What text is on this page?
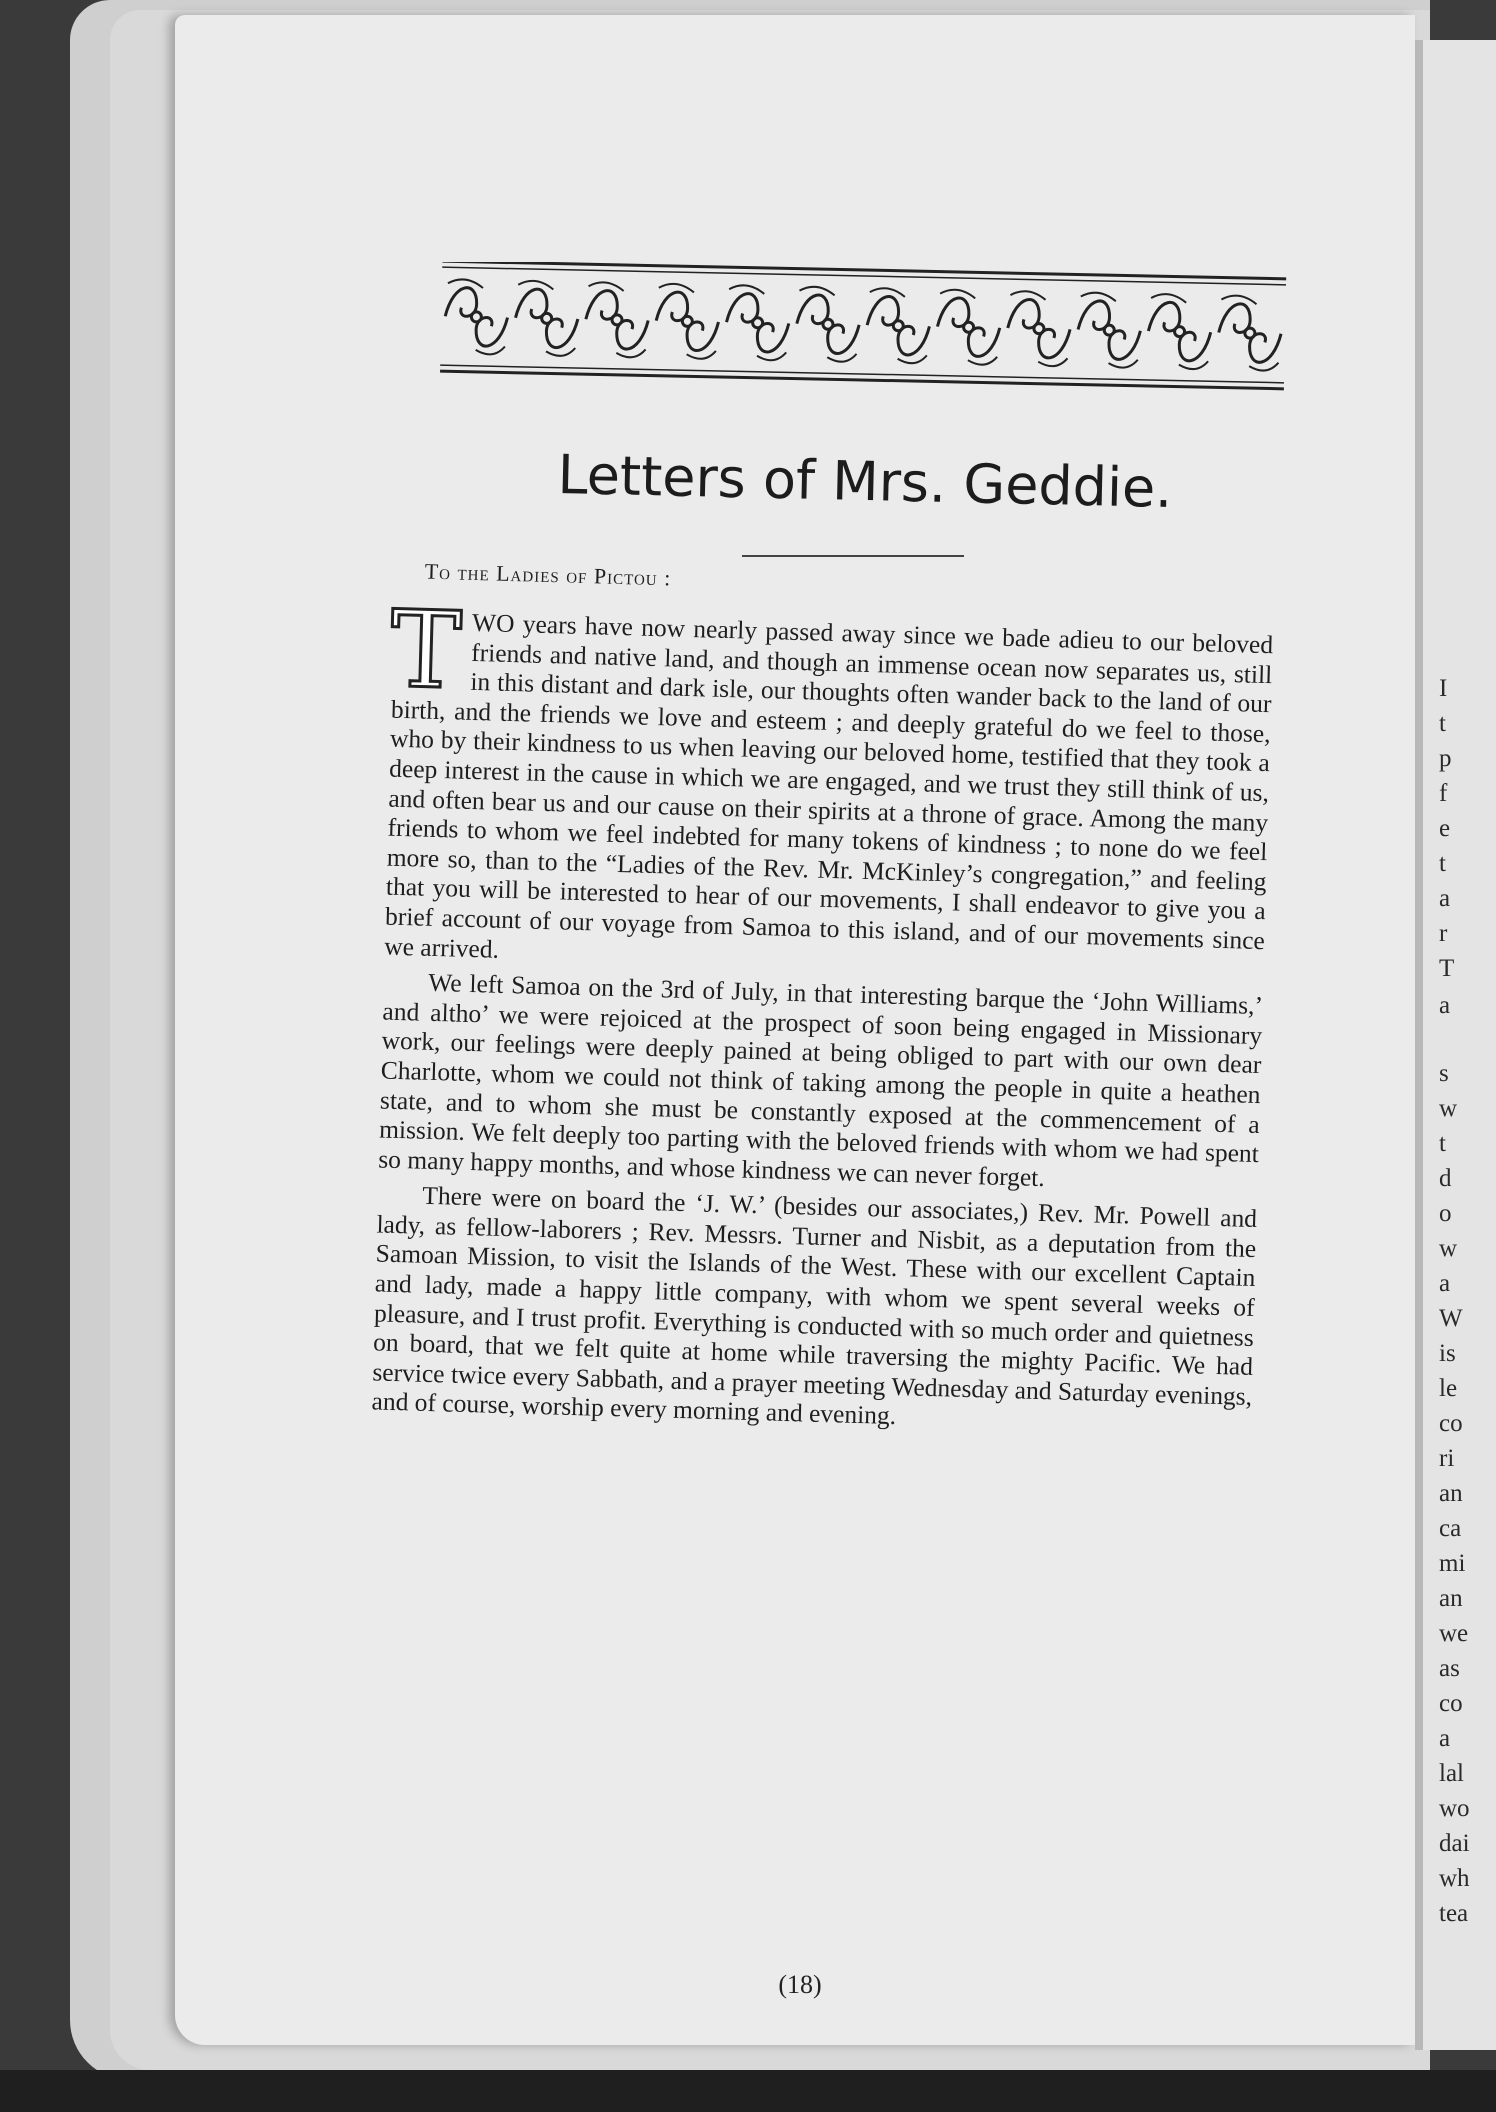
I
t
p
f
e
t
a
r
T
a
s
w
t
d
o
w
a
W
is
le
co
ri
an
ca
mi
an
we
as
co
a
lal
wo
dai
wh
tea
Letters of Mrs. Geddie.
To the Ladies of Pictou :

TWO years have now nearly passed away since we bade adieu to our beloved friends and native land, and though an immense ocean now separates us, still in this distant and dark isle, our thoughts often wander back to the land of our birth, and the friends we love and esteem ; and deeply grateful do we feel to those, who by their kindness to us when leaving our beloved home, testified that they took a deep interest in the cause in which we are engaged, and we trust they still think of us, and often bear us and our cause on their spirits at a throne of grace. Among the many friends to whom we feel indebted for many tokens of kindness ; to none do we feel more so, than to the “Ladies of the Rev. Mr. McKinley’s congregation,” and feeling that you will be interested to hear of our movements, I shall endeavor to give you a brief account of our voyage from Samoa to this island, and of our movements since we arrived.

We left Samoa on the 3rd of July, in that interesting barque the ‘John Williams,’ and altho’ we were rejoiced at the prospect of soon being engaged in Missionary work, our feelings were deeply pained at being obliged to part with our own dear Charlotte, whom we could not think of taking among the people in quite a heathen state, and to whom she must be constantly exposed at the commencement of a mission. We felt deeply too parting with the beloved friends with whom we had spent so many happy months, and whose kindness we can never forget.

There were on board the ‘J. W.’ (besides our associates,) Rev. Mr. Powell and lady, as fellow-laborers ; Rev. Messrs. Turner and Nisbit, as a deputation from the Samoan Mission, to visit the Islands of the West. These with our excellent Captain and lady, made a happy little company, with whom we spent several weeks of pleasure, and I trust profit. Everything is conducted with so much order and quietness on board, that we felt quite at home while traversing the mighty Pacific. We had service twice every Sabbath, and a prayer meeting Wednesday and Saturday evenings, and of course, worship every morning and evening.

(18)
